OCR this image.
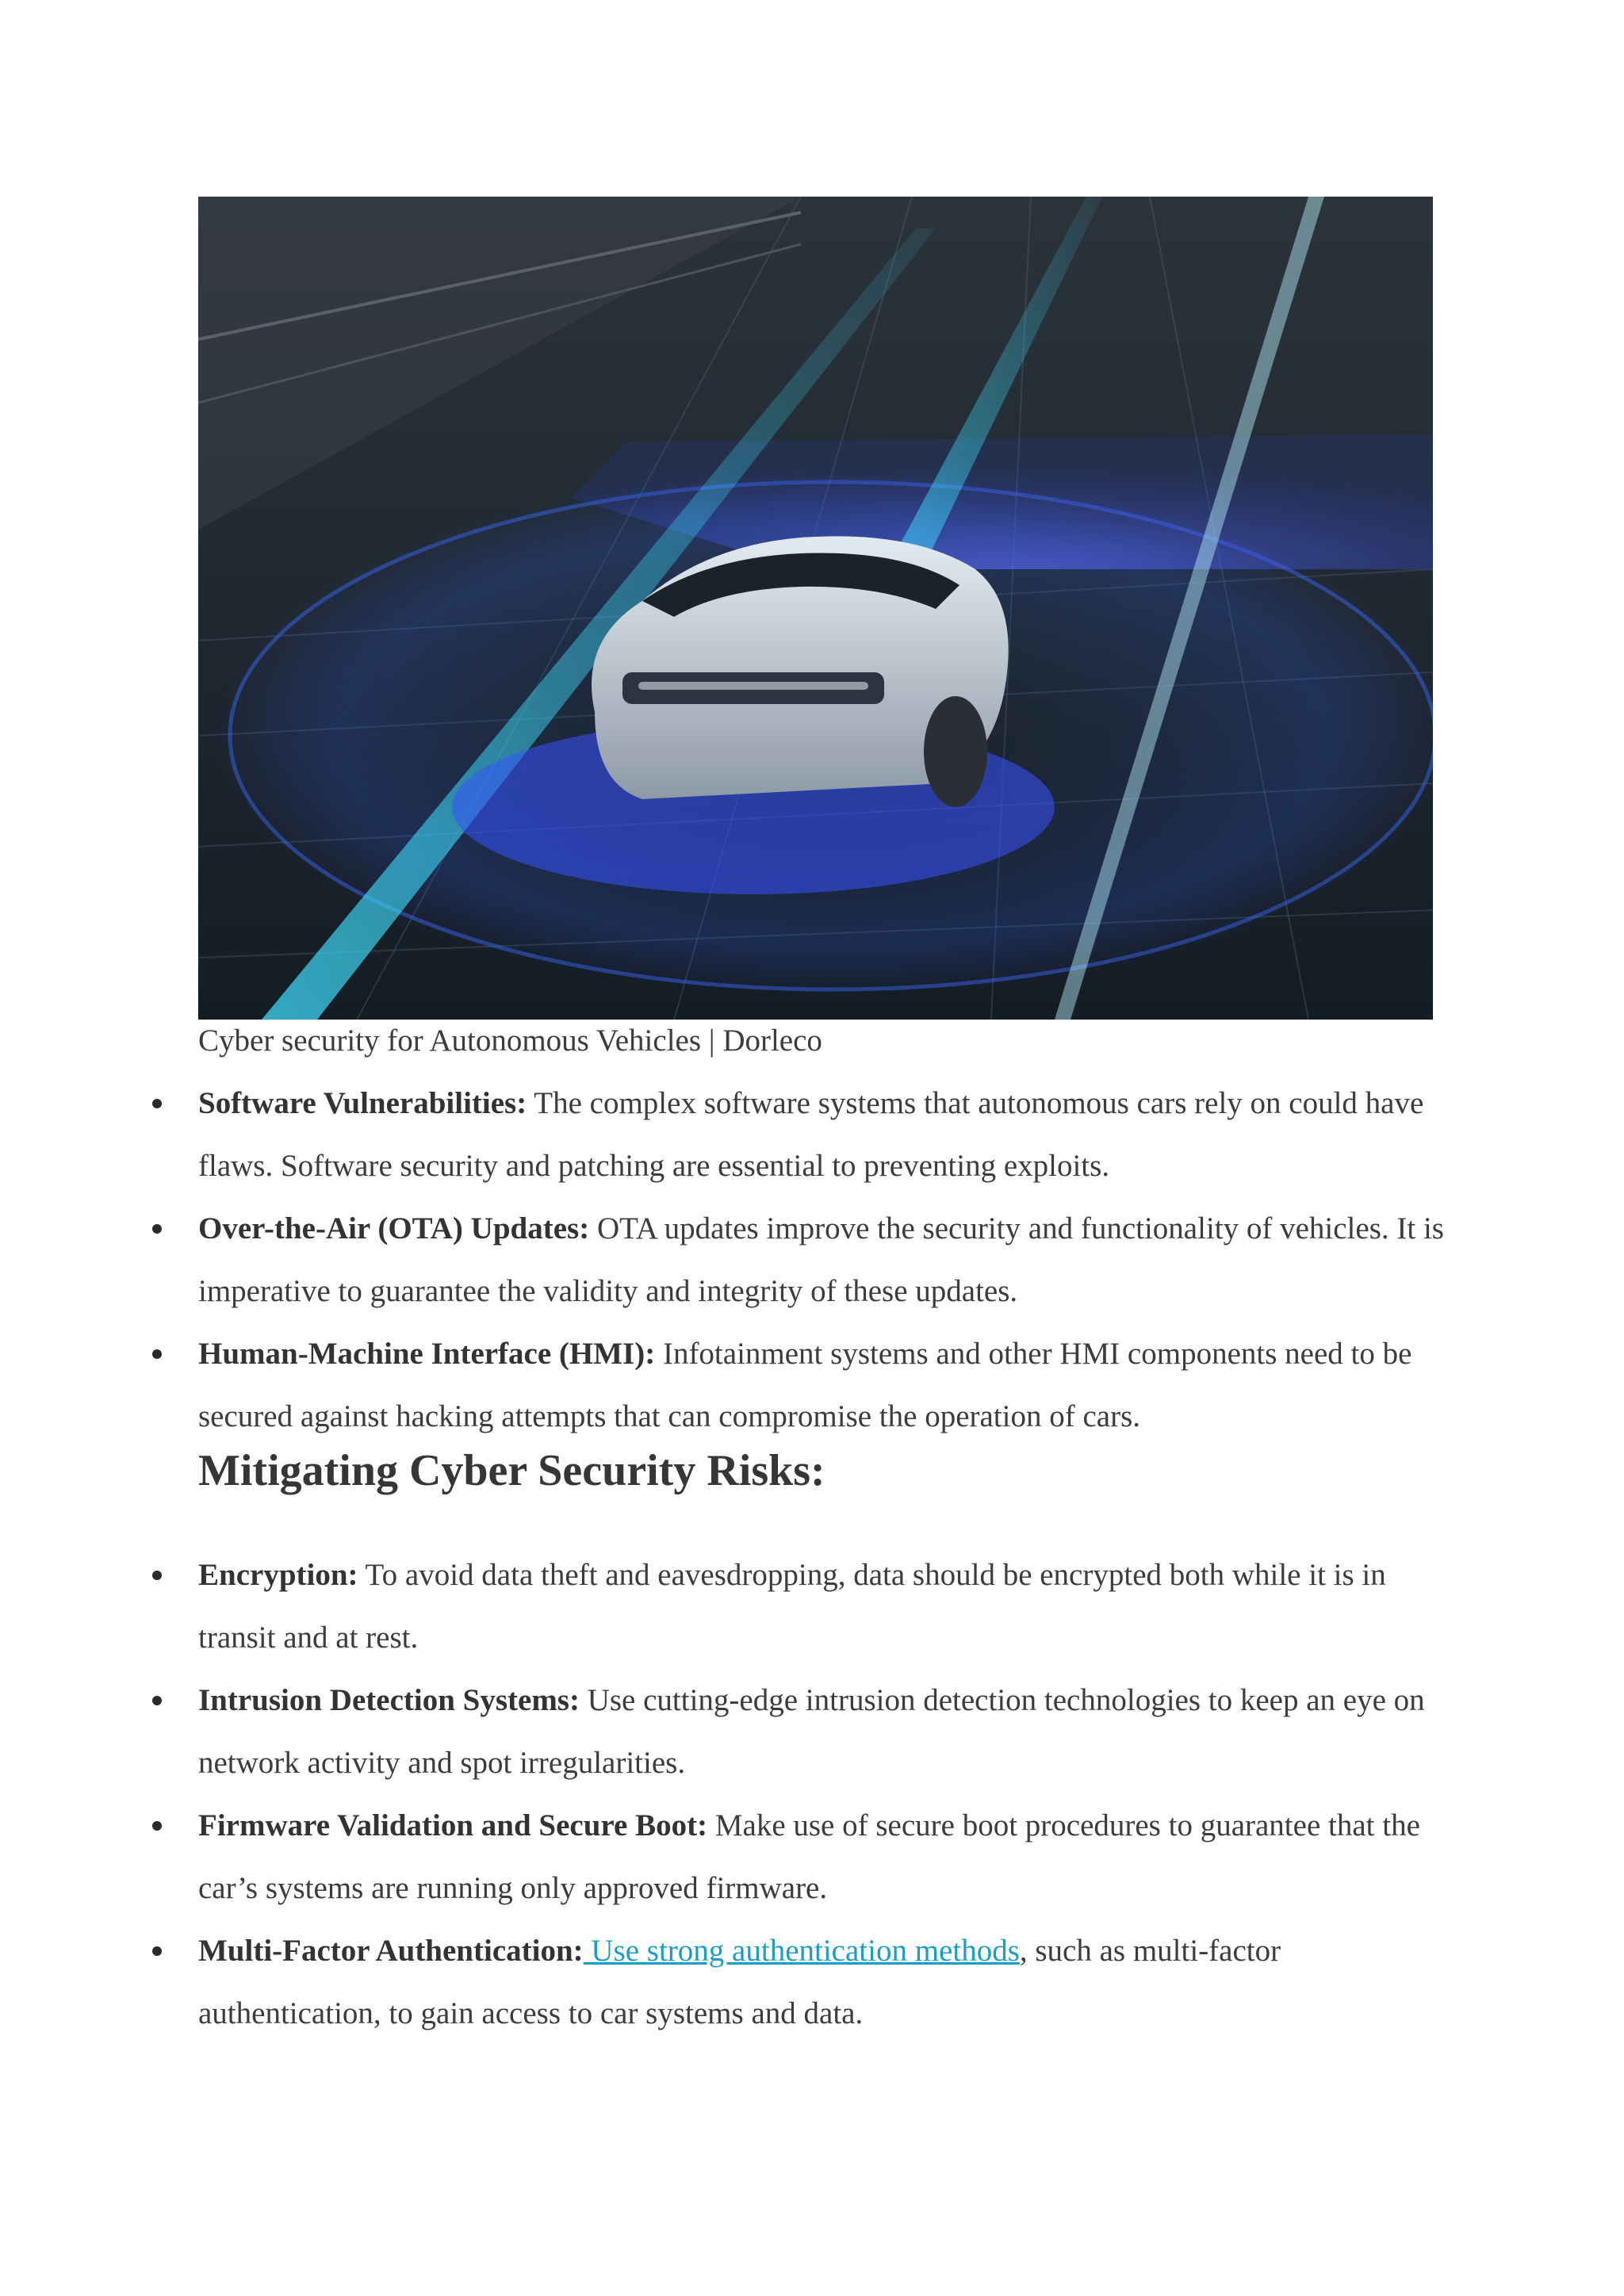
Cyber security for Autonomous Vehicles | Dorleco
Software Vulnerabilities: The complex software systems that autonomous cars rely on could have flaws. Software security and patching are essential to preventing exploits.
Over-the-Air (OTA) Updates: OTA updates improve the security and functionality of vehicles. It is imperative to guarantee the validity and integrity of these updates.
Human-Machine Interface (HMI): Infotainment systems and other HMI components need to be secured against hacking attempts that can compromise the operation of cars.
Mitigating Cyber Security Risks:
Encryption: To avoid data theft and eavesdropping, data should be encrypted both while it is in transit and at rest.
Intrusion Detection Systems: Use cutting-edge intrusion detection technologies to keep an eye on network activity and spot irregularities.
Firmware Validation and Secure Boot: Make use of secure boot procedures to guarantee that the car’s systems are running only approved firmware.
Multi-Factor Authentication: Use strong authentication methods, such as multi-factor authentication, to gain access to car systems and data.
